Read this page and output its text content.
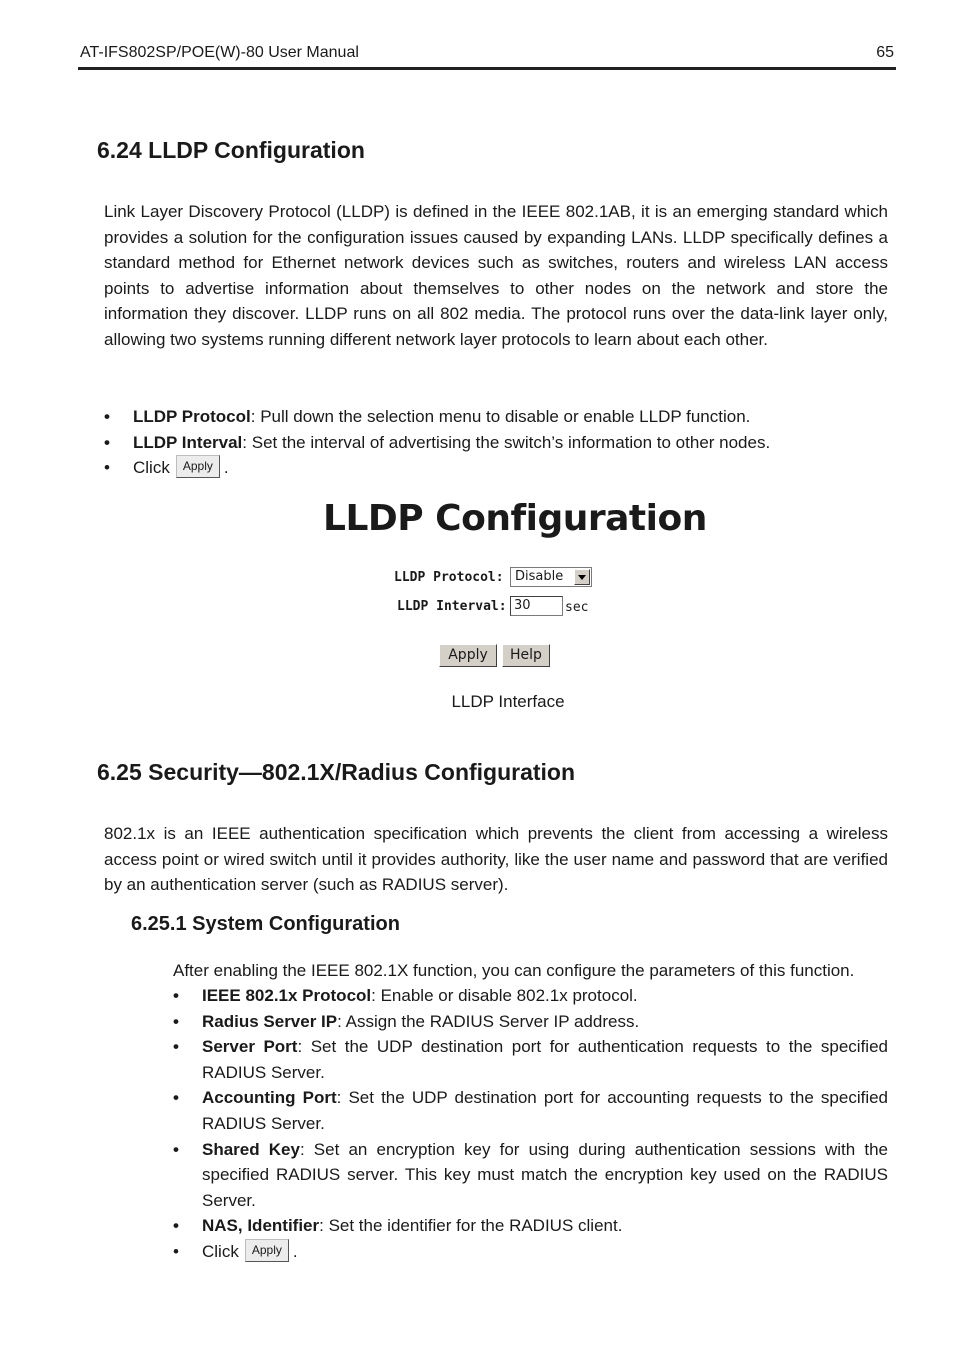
AT-IFS802SP/POE(W)-80 User Manual	65
6.24 LLDP Configuration
Link Layer Discovery Protocol (LLDP) is defined in the IEEE 802.1AB, it is an emerging standard which provides a solution for the configuration issues caused by expanding LANs. LLDP specifically defines a standard method for Ethernet network devices such as switches, routers and wireless LAN access points to advertise information about themselves to other nodes on the network and store the information they discover. LLDP runs on all 802 media. The protocol runs over the data-link layer only, allowing two systems running different network layer protocols to learn about each other.
• LLDP Protocol: Pull down the selection menu to disable or enable LLDP function.
• LLDP Interval: Set the interval of advertising the switch’s information to other nodes.
• Click Apply .
LLDP Configuration
LLDP Protocol: Disable
LLDP Interval: 30	sec
Apply	Help
LLDP Interface
6.25 Security—802.1X/Radius Configuration
802.1x is an IEEE authentication specification which prevents the client from accessing a wireless access point or wired switch until it provides authority, like the user name and password that are verified by an authentication server (such as RADIUS server).
6.25.1 System Configuration
After enabling the IEEE 802.1X function, you can configure the parameters of this function.
• IEEE 802.1x Protocol: Enable or disable 802.1x protocol.
• Radius Server IP: Assign the RADIUS Server IP address.
• Server Port: Set the UDP destination port for authentication requests to the specified RADIUS Server.
• Accounting Port: Set the UDP destination port for accounting requests to the specified RADIUS Server.
• Shared Key: Set an encryption key for using during authentication sessions with the specified RADIUS server. This key must match the encryption key used on the RADIUS Server.
• NAS, Identifier: Set the identifier for the RADIUS client.
• Click Apply .
